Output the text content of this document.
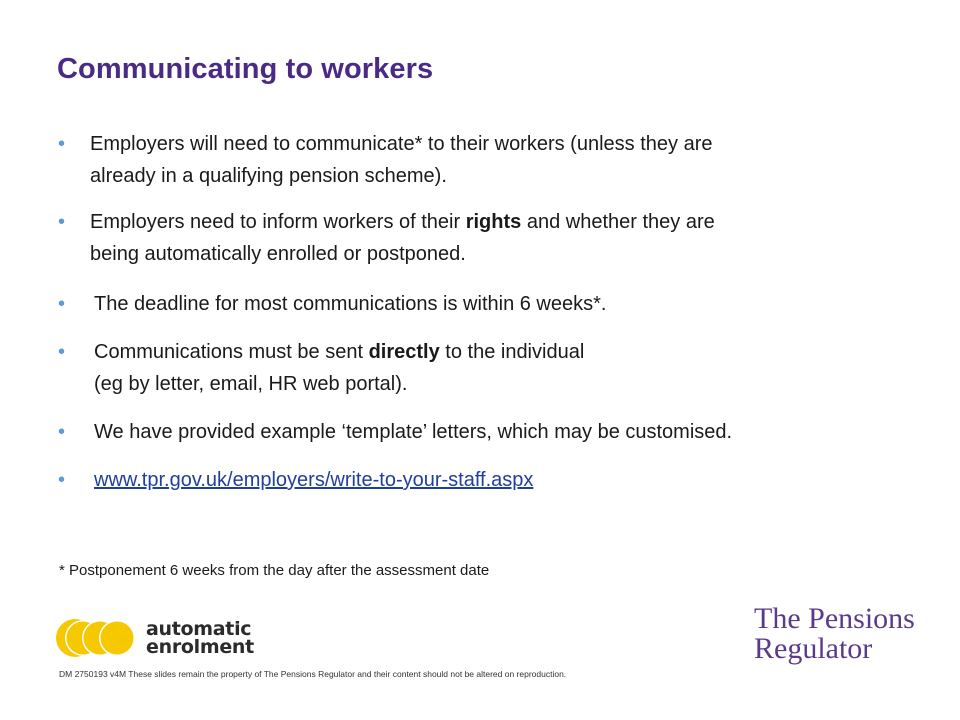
Communicating to workers
• Employers will need to communicate* to their workers (unless they are
already in a qualifying pension scheme).
• Employers need to inform workers of their rights and whether they are
being automatically enrolled or postponed.
• The deadline for most communications is within 6 weeks*.
• Communications must be sent directly to the individual
(eg by letter, email, HR web portal).
• We have provided example ‘template’ letters, which may be customised.
• www.tpr.gov.uk/employers/write-to-your-staff.aspx
* Postponement 6 weeks from the day after the assessment date
automatic
enrolment
The Pensions
Regulator
DM 2750193 v4M These slides remain the property of The Pensions Regulator and their content should not be altered on reproduction.
